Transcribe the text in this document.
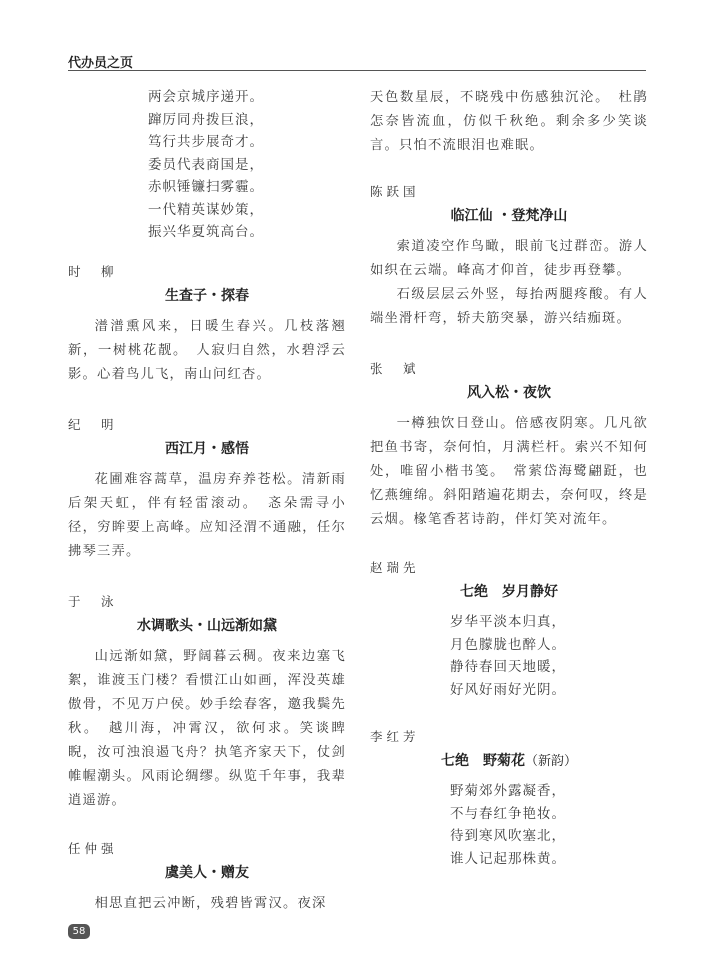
代办员之页
两会京城序递开。
蹿厉同舟拨巨浪，
笃行共步展奇才。
委员代表商国是，
赤帜锤镰扫雾霾。
一代精英谋妙策，
振兴华夏筑高台。
时　柳
生查子・探春

潽潽熏风来，日暖生春兴。几枝落翘新，一树桃花靓。　人寂归自然，水碧浮云影。心着鸟儿飞，南山问红杏。

纪　明
西江月・感悟

花圃难容蒿草，温房弃养苍松。清新雨后架天虹，伴有轻雷滚动。　忞朵需寻小径，穷眸要上高峰。应知泾渭不通融，任尔拂琴三弄。

于　泳
水调歌头・山远渐如黛

山远渐如黛，野阔暮云稠。夜来边塞飞絮，谁渡玉门楼？看惯江山如画，浑没英雄傲骨，不见万户侯。妙手绘春客，邀我鬓先秋。　越川海，冲霄汉，欲何求。笑谈睥睨，汝可浊浪遏飞舟？执笔齐家天下，仗剑帷幄潮头。风雨论绸缪。纵览千年事，我辈逍遥游。

任仲强
虞美人・赠友

相思直把云冲断，残碧皆霄汉。夜深

天色数星辰，不晓残中伤感独沉沦。　杜鹃怎奈皆流血，仿似千秋绝。剩余多少笑谈言。只怕不流眼泪也难眠。

陈跃国
临江仙 ・登梵净山

索道凌空作鸟瞰，眼前飞过群峦。游人如织在云端。峰高才仰首，徒步再登攀。

石级层层云外竖，每抬两腿疼酸。有人端坐滑杆弯，轿夫筋突暴，游兴结痂斑。

张　斌
风入松・夜饮

一樽独饮日登山。倍感夜阴寒。几凡欲把鱼书寄，奈何怕，月满栏杆。索兴不知何处，唯留小楷书笺。　常萦岱海鹭翩跹，也忆燕缠绵。斜阳踏遍花期去，奈何叹，终是云烟。椽笔香茗诗韵，伴灯笑对流年。

赵瑞先
七绝　岁月静好
岁华平淡本归真，
月色朦胧也醉人。
静待春回天地暖，
好风好雨好光阴。
李红芳
七绝　野菊花（新韵）
野菊郊外露凝香，
不与春红争艳妆。
待到寒风吹塞北，
谁人记起那株黄。
58
